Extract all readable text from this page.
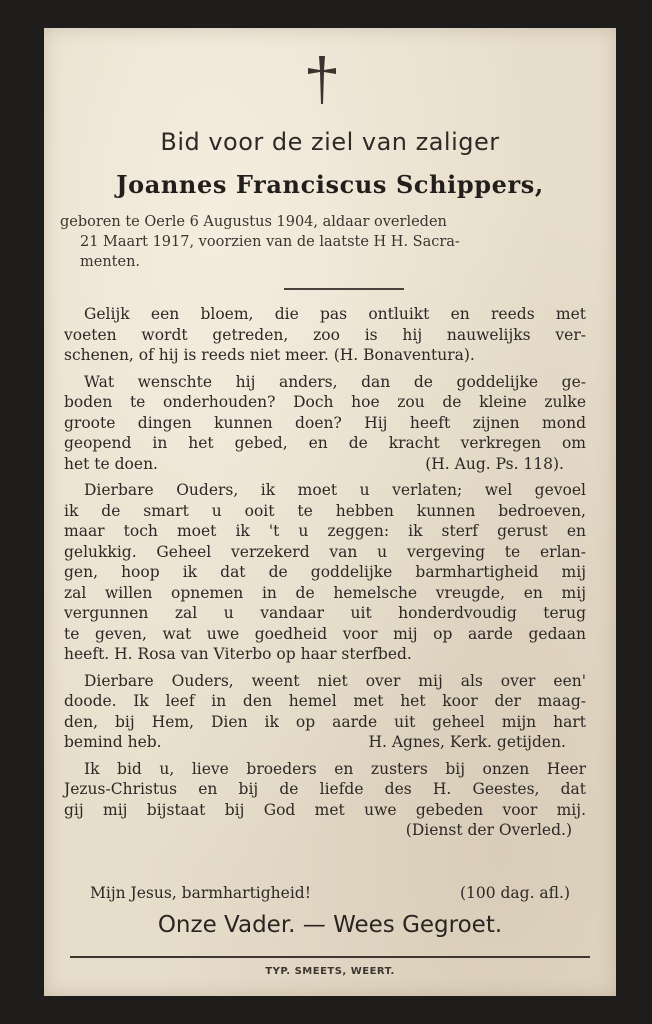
Bid voor de ziel van zaliger
Joannes Franciscus Schippers,
geboren te Oerle 6 Augustus 1904, aldaar overleden
21 Maart 1917, voorzien van de laatste H H. Sacra-
menten.
Gelijk een bloem, die pas ontluikt en reeds met
voeten wordt getreden, zoo is hij nauwelijks ver-
schenen, of hij is reeds niet meer. (H. Bonaventura).
Wat wenschte hij anders, dan de goddelijke ge-
boden te onderhouden? Doch hoe zou de kleine zulke
groote dingen kunnen doen? Hij heeft zijnen mond
geopend in het gebed, en de kracht verkregen om
het te doen.	(H. Aug. Ps. 118).
Dierbare Ouders, ik moet u verlaten; wel gevoel
ik de smart u ooit te hebben kunnen bedroeven,
maar toch moet ik 't u zeggen: ik sterf gerust en
gelukkig. Geheel verzekerd van u vergeving te erlan-
gen, hoop ik dat de goddelijke barmhartigheid mij
zal willen opnemen in de hemelsche vreugde, en mij
vergunnen zal u vandaar uit honderdvoudig terug
te geven, wat uwe goedheid voor mij op aarde gedaan
heeft. H. Rosa van Viterbo op haar sterfbed.
Dierbare Ouders, weent niet over mij als over een'
doode. Ik leef in den hemel met het koor der maag-
den, bij Hem, Dien ik op aarde uit geheel mijn hart
bemind heb.	H. Agnes, Kerk. getijden.
Ik bid u, lieve broeders en zusters bij onzen Heer
Jezus-Christus en bij de liefde des H. Geestes, dat
gij mij bijstaat bij God met uwe gebeden voor mij.
(Dienst der Overled.)
Mijn Jesus, barmhartigheid!	(100 dag. afl.)
Onze Vader. — Wees Gegroet.
TYP. SMEETS, WEERT.
